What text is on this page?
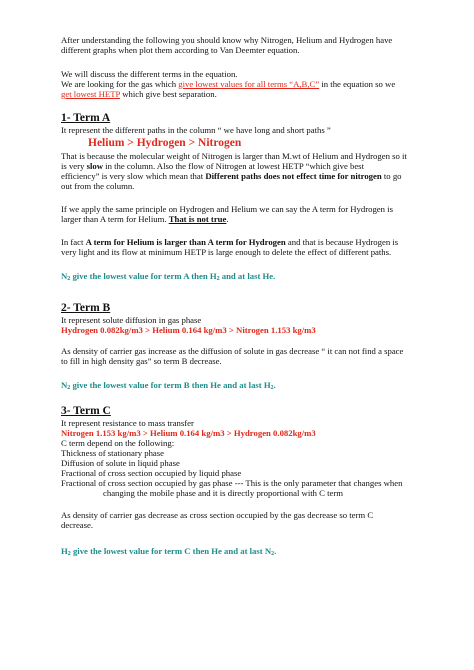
After understanding the following you should know why Nitrogen, Helium and Hydrogen have
different graphs when plot them according to Van Deemter equation.
We will discuss the different terms in the equation.
We are looking for the gas which give lowest values for all terms “A,B,C” in the equation so we
get lowest HETP which give best separation.
1- Term A
It represent the different paths in the column “ we have long and short paths ”
Helium > Hydrogen > Nitrogen
That is because the molecular weight of Nitrogen is larger than M.wt of Helium and Hydrogen so it
is very slow in the column. Also the flow of Nitrogen at lowest HETP “which give best
efficiency” is very slow which mean that Different paths does not effect time for nitrogen to go
out from the column.
If we apply the same principle on Hydrogen and Helium we can say the A term for Hydrogen is
larger than A term for Helium. That is not true.
In fact A term for Helium is larger than A term for Hydrogen and that is because Hydrogen is
very light and its flow at minimum HETP is large enough to delete the effect of different paths.
$N_2$ give the lowest value for term A then $H_2$ and at last He.
2- Term B
It represent solute diffusion in gas phase
Hydrogen 0.082kg/m3 > Helium 0.164 kg/m3 > Nitrogen 1.153 kg/m3
As density of carrier gas increase as the diffusion of solute in gas decrease “ it can not find a space
to fill in high density gas” so term B decrease.
$N_2$ give the lowest value for term B then He and at last $H_2$.
3- Term C
It represent resistance to mass transfer
Nitrogen 1.153 kg/m3 > Helium 0.164 kg/m3 > Hydrogen 0.082kg/m3
C term depend on the following:
Thickness of stationary phase
Diffusion of solute in liquid phase
Fractional of cross section occupied by liquid phase
Fractional of cross section occupied by gas phase --- This is the only parameter that changes when
changing the mobile phase and it is directly proportional with C term
As density of carrier gas decrease as cross section occupied by the gas decrease so term C
decrease.
$H_2$ give the lowest value for term C then He and at last $N_2$.
